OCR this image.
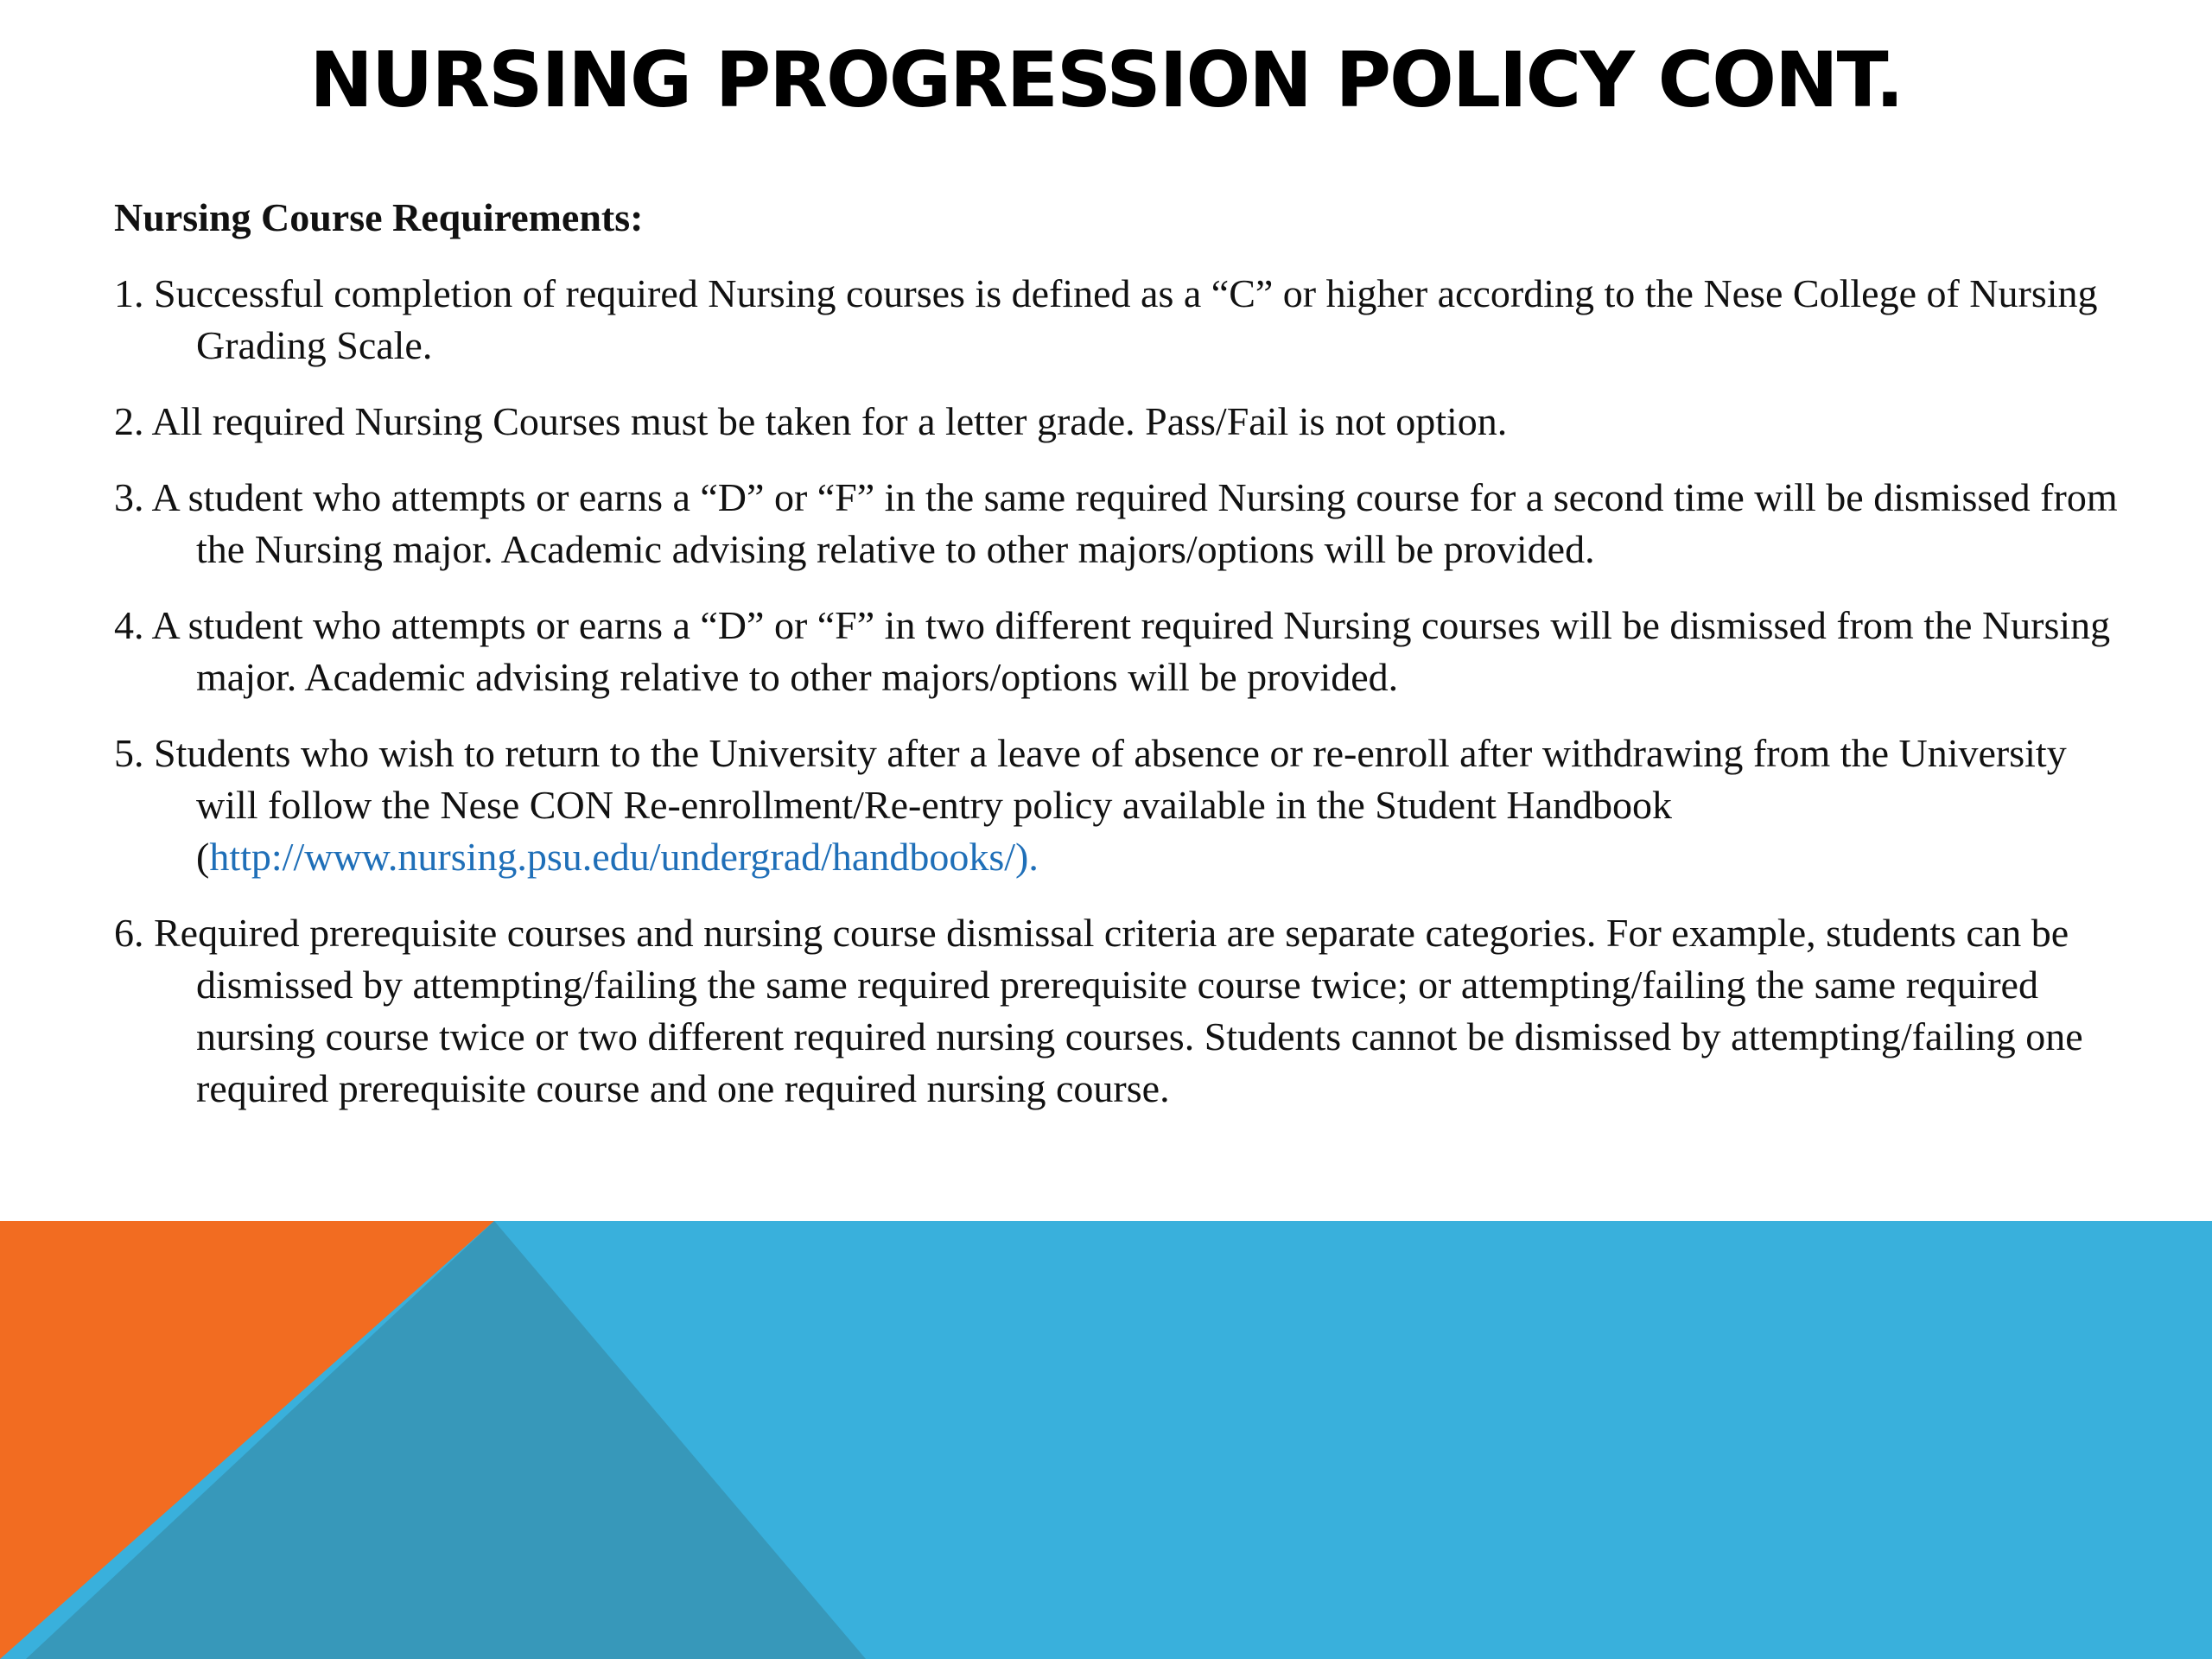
NURSING PROGRESSION POLICY CONT.

Nursing Course Requirements:

1. Successful completion of required Nursing courses is defined as a “C” or higher according to the Nese College of Nursing Grading Scale.

2. All required Nursing Courses must be taken for a letter grade. Pass/Fail is not option.

3. A student who attempts or earns a “D” or “F” in the same required Nursing course for a second time will be dismissed from the Nursing major. Academic advising relative to other majors/options will be provided.

4. A student who attempts or earns a “D” or “F” in two different required Nursing courses will be dismissed from the Nursing major. Academic advising relative to other majors/options will be provided.

5. Students who wish to return to the University after a leave of absence or re-enroll after withdrawing from the University will follow the Nese CON Re-enrollment/Re-entry policy available in the Student Handbook (http://www.nursing.psu.edu/undergrad/handbooks/).

6. Required prerequisite courses and nursing course dismissal criteria are separate categories. For example, students can be dismissed by attempting/failing the same required prerequisite course twice; or attempting/failing the same required nursing course twice or two different required nursing courses. Students cannot be dismissed by attempting/failing one required prerequisite course and one required nursing course.
